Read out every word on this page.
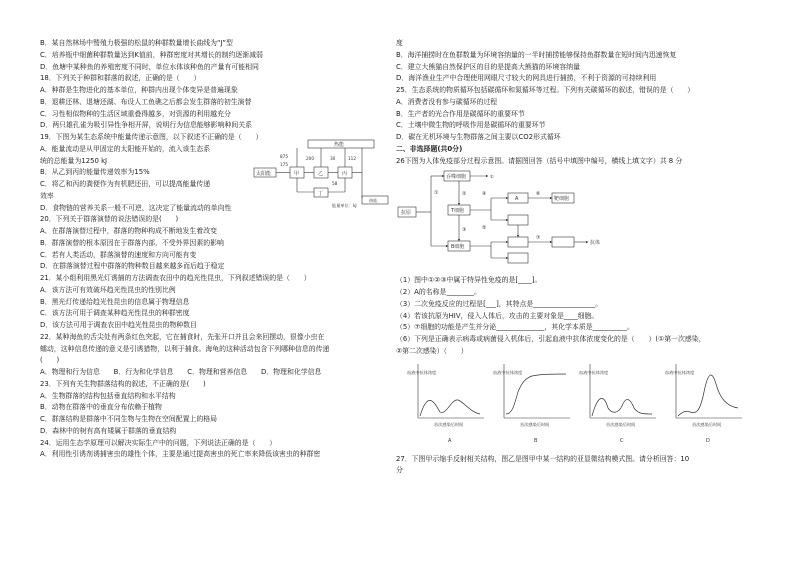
B．某自然林场中鹫殖力极强的松鼠的种群数量增长曲线为“J”型
C．培养瓶中细菌种群数量达到K值前，种群密度对其增长的制约逐渐减弱
D．鱼塘中某种鱼的养殖密度不同时，单位水体该种鱼的产量有可能相同
18．下列关于种群和群落的叙述，正确的是（　　）
A．种群是生物进化的基本单位，种群内出现个体变异是普遍现象
B．退耕还林、退塘还湖、布设人工鱼礁之后都会发生群落的初生演替
C．习性相似物种的生活区域重叠得越多，对资源的利用越充分
D．两只雄孔雀为吸引异性争相开屏，说明行为信息能够影响种间关系
19．下图为某生态系统中能量传递示意图，以下叙述不正确的是（　　）
A．能量流动是从甲固定的太阳能开始的，流入该生态系
统的总能量为1250 kJ
B．从乙到丙的能量传递效率为15%
C．将乙和丙的粪便作为有机肥还田，可以提高能量传递
效率
太阳能
热能
甲	乙	丙
丁
热能
875
175
200	30	112
58
能量单位：kJ
D．食物链的营养关系一般不可逆，这决定了能量流动的单向性
20．下列关于群落演替的说法错误的是(　　)
A．在群落演替过程中，群落的物种构成不断地发生着改变
B．群落演替的根本原因在于群落内部，不受外界因素的影响
C．若有人类活动，群落演替的速度和方向可能有变
D．在群落演替过程中群落的物种数目越来越多而后趋于稳定
21．某小组利用黑光灯诱捕的方法调查农田中的趋光性昆虫，下列叙述错误的是（　　）
A．该方法可有效破坏趋光性昆虫的性别比例
B．黑光灯传递给趋光性昆虫的信息属于物理信息
C．该方法可用于调查某种趋光性昆虫的种群密度
D．该方法可用于调查农田中趋光性昆虫的物种数目
22．某种海鱼的舌尖处有两条红色突起，它在捕食时，先张开口并且会来回摆动，很像小虫在
蠕动，这种信息传递的意义是引诱猎物，以利于捕食。海龟的这种活动包含下列哪种信息的传递
(　　)
A．物理和行为信息　　B．行为和化学信息　　C．物理和营养信息　　D．物理和化学信息
23．下列有关生物群落结构的叙述，不正确的是(　　)
A．生物群落的结构包括垂直结构和水平结构
B．动物在群落中的垂直分布依赖于植物
C．群落结构是群落中不同生物与生物在空间配置上的格局
D．森林中的树有高有矮属于群落的垂直结构
24．运用生态学原理可以解决实际生产中的问题，下列说法正确的是（　　）
A．利用性引诱剂诱捕害虫的雄性个体，主要是通过提高害虫的死亡率来降低该害虫的种群密
度
B．海洋捕捞时在鱼群数量为环境容纳量的一半时捕捞能够保持鱼群数量在短时间内迅速恢复
C．建立大熊猫自然保护区的目的是提高大熊猫的环境容纳量
D．海洋渔业生产中合理使用网眼尺寸较大的网具进行捕捞，不利于资源的可持续利用
25．生态系统的物质循环包括碳循环和氮循环等过程。下列有关碳循环的叙述，错误的是（　　）
A．消费者没有参与碳循环的过程
B．生产者的光合作用是碳循环的重要环节
C．土壤中微生物的呼吸作用是碳循环的重要环节
D．碳在无机环境与生物群落之间主要以CO2形式循环
二、非选择题(共0分)
26下图为人体免疫部分过程示意图。请据图回答（括号中填图中编号，横线上填文字）共 8 分
抗原
吞噬细胞
T细胞
B细胞
①
①	②
③
A	靶细胞
抗体
④
⑤
⑥
⑦
（1）图中①②③中属于特异性免疫的是[____]。
（2）A的名称是________。
（3）二次免疫反应的过程是[___]，其特点是__________________。
（4）若该抗原为HIV，侵入人体后，攻击的主要对象是____细胞。
（5）⑦细胞的功能是产生并分泌______________，其化学本质是__________。
（6）下列是正确表示病毒或病菌侵入机体后，引起血液中抗体浓度变化的是（　　）(①第一次感染，
②第二次感染）（　　）
血液中抗体浓度
首次感染后时间
A
血液中抗体浓度
首次感染后时间
B
血液中抗体浓度
首次感染后时间
C
血液中抗体浓度
首次感染后时间
D
27．下图甲示缩手反射相关结构，图乙是图甲中某一结构的亚显微结构模式图。请分析回答：10
分
